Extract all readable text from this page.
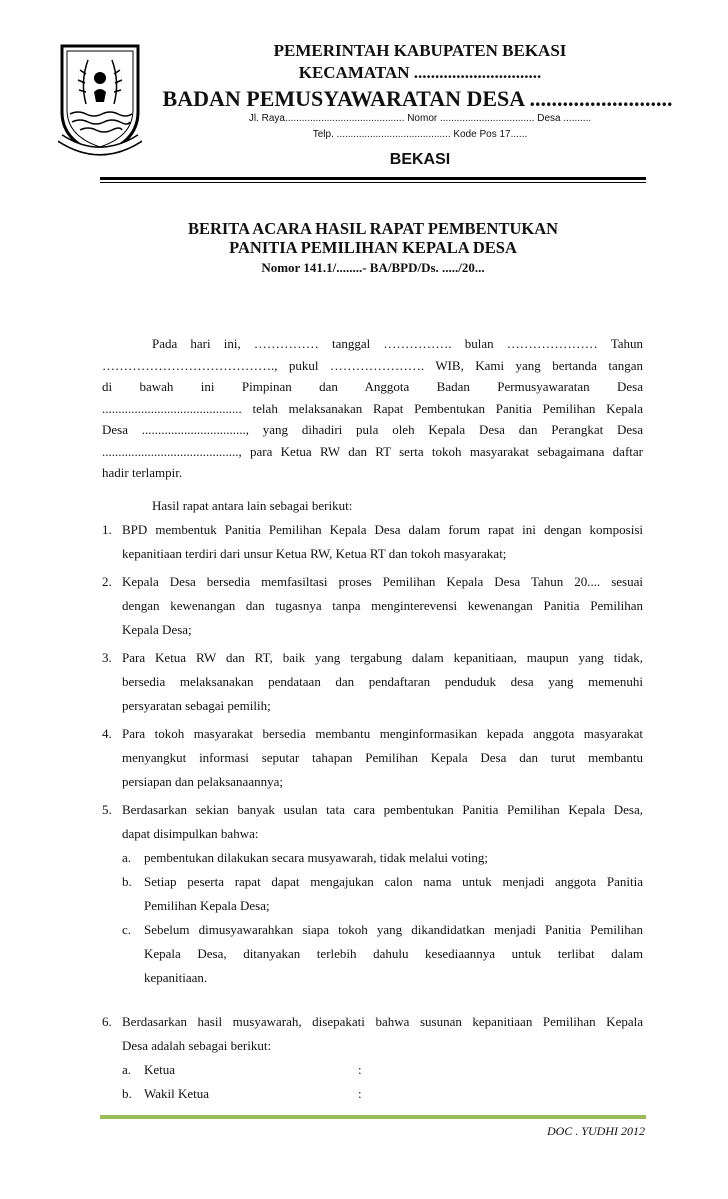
PEMERINTAH KABUPATEN BEKASI
KECAMATAN ..............................
BADAN PEMUSYAWARATAN DESA ..........................
Jl. Raya........................................... Nomor .................................. Desa ..........
Telp. ......................................... Kode Pos 17......
BEKASI
BERITA ACARA HASIL RAPAT PEMBENTUKAN
PANITIA PEMILIHAN KEPALA DESA
Nomor 141.1/........- BA/BPD/Ds. ...../20...
Pada hari ini, …………… tanggal ……………. bulan ………………… Tahun
…………………………………., pukul …………………. WIB, Kami yang bertanda tangan
di bawah ini Pimpinan dan Anggota Badan Permusyawaratan Desa
........................................... telah melaksanakan Rapat Pembentukan Panitia Pemilihan Kepala
Desa ................................, yang dihadiri pula oleh Kepala Desa dan Perangkat Desa
.........................................., para Ketua RW dan RT serta tokoh masyarakat sebagaimana daftar
hadir terlampir.
Hasil rapat antara lain sebagai berikut:
1. BPD membentuk Panitia Pemilihan Kepala Desa dalam forum rapat ini dengan komposisi
kepanitiaan terdiri dari unsur Ketua RW, Ketua RT dan tokoh masyarakat;
2. Kepala Desa bersedia memfasiltasi proses Pemilihan Kepala Desa Tahun 20.... sesuai
dengan kewenangan dan tugasnya tanpa menginterevensi kewenangan Panitia Pemilihan
Kepala Desa;
3. Para Ketua RW dan RT, baik yang tergabung dalam kepanitiaan, maupun yang tidak,
bersedia melaksanakan pendataan dan pendaftaran penduduk desa yang memenuhi
persyaratan sebagai pemilih;
4. Para tokoh masyarakat bersedia membantu menginformasikan kepada anggota masyarakat
menyangkut informasi seputar tahapan Pemilihan Kepala Desa dan turut membantu
persiapan dan pelaksanaannya;
5. Berdasarkan sekian banyak usulan tata cara pembentukan Panitia Pemilihan Kepala Desa,
dapat disimpulkan bahwa:
a. pembentukan dilakukan secara musyawarah, tidak melalui voting;
b. Setiap peserta rapat dapat mengajukan calon nama untuk menjadi anggota Panitia
Pemilihan Kepala Desa;
c. Sebelum dimusyawarahkan siapa tokoh yang dikandidatkan menjadi Panitia Pemilihan
Kepala Desa, ditanyakan terlebih dahulu kesediaannya untuk terlibat dalam
kepanitiaan.
6. Berdasarkan hasil musyawarah, disepakati bahwa susunan kepanitiaan Pemilihan Kepala
Desa adalah sebagai berikut:
a. Ketua	:
b. Wakil Ketua	:
DOC . YUDHI 2012
